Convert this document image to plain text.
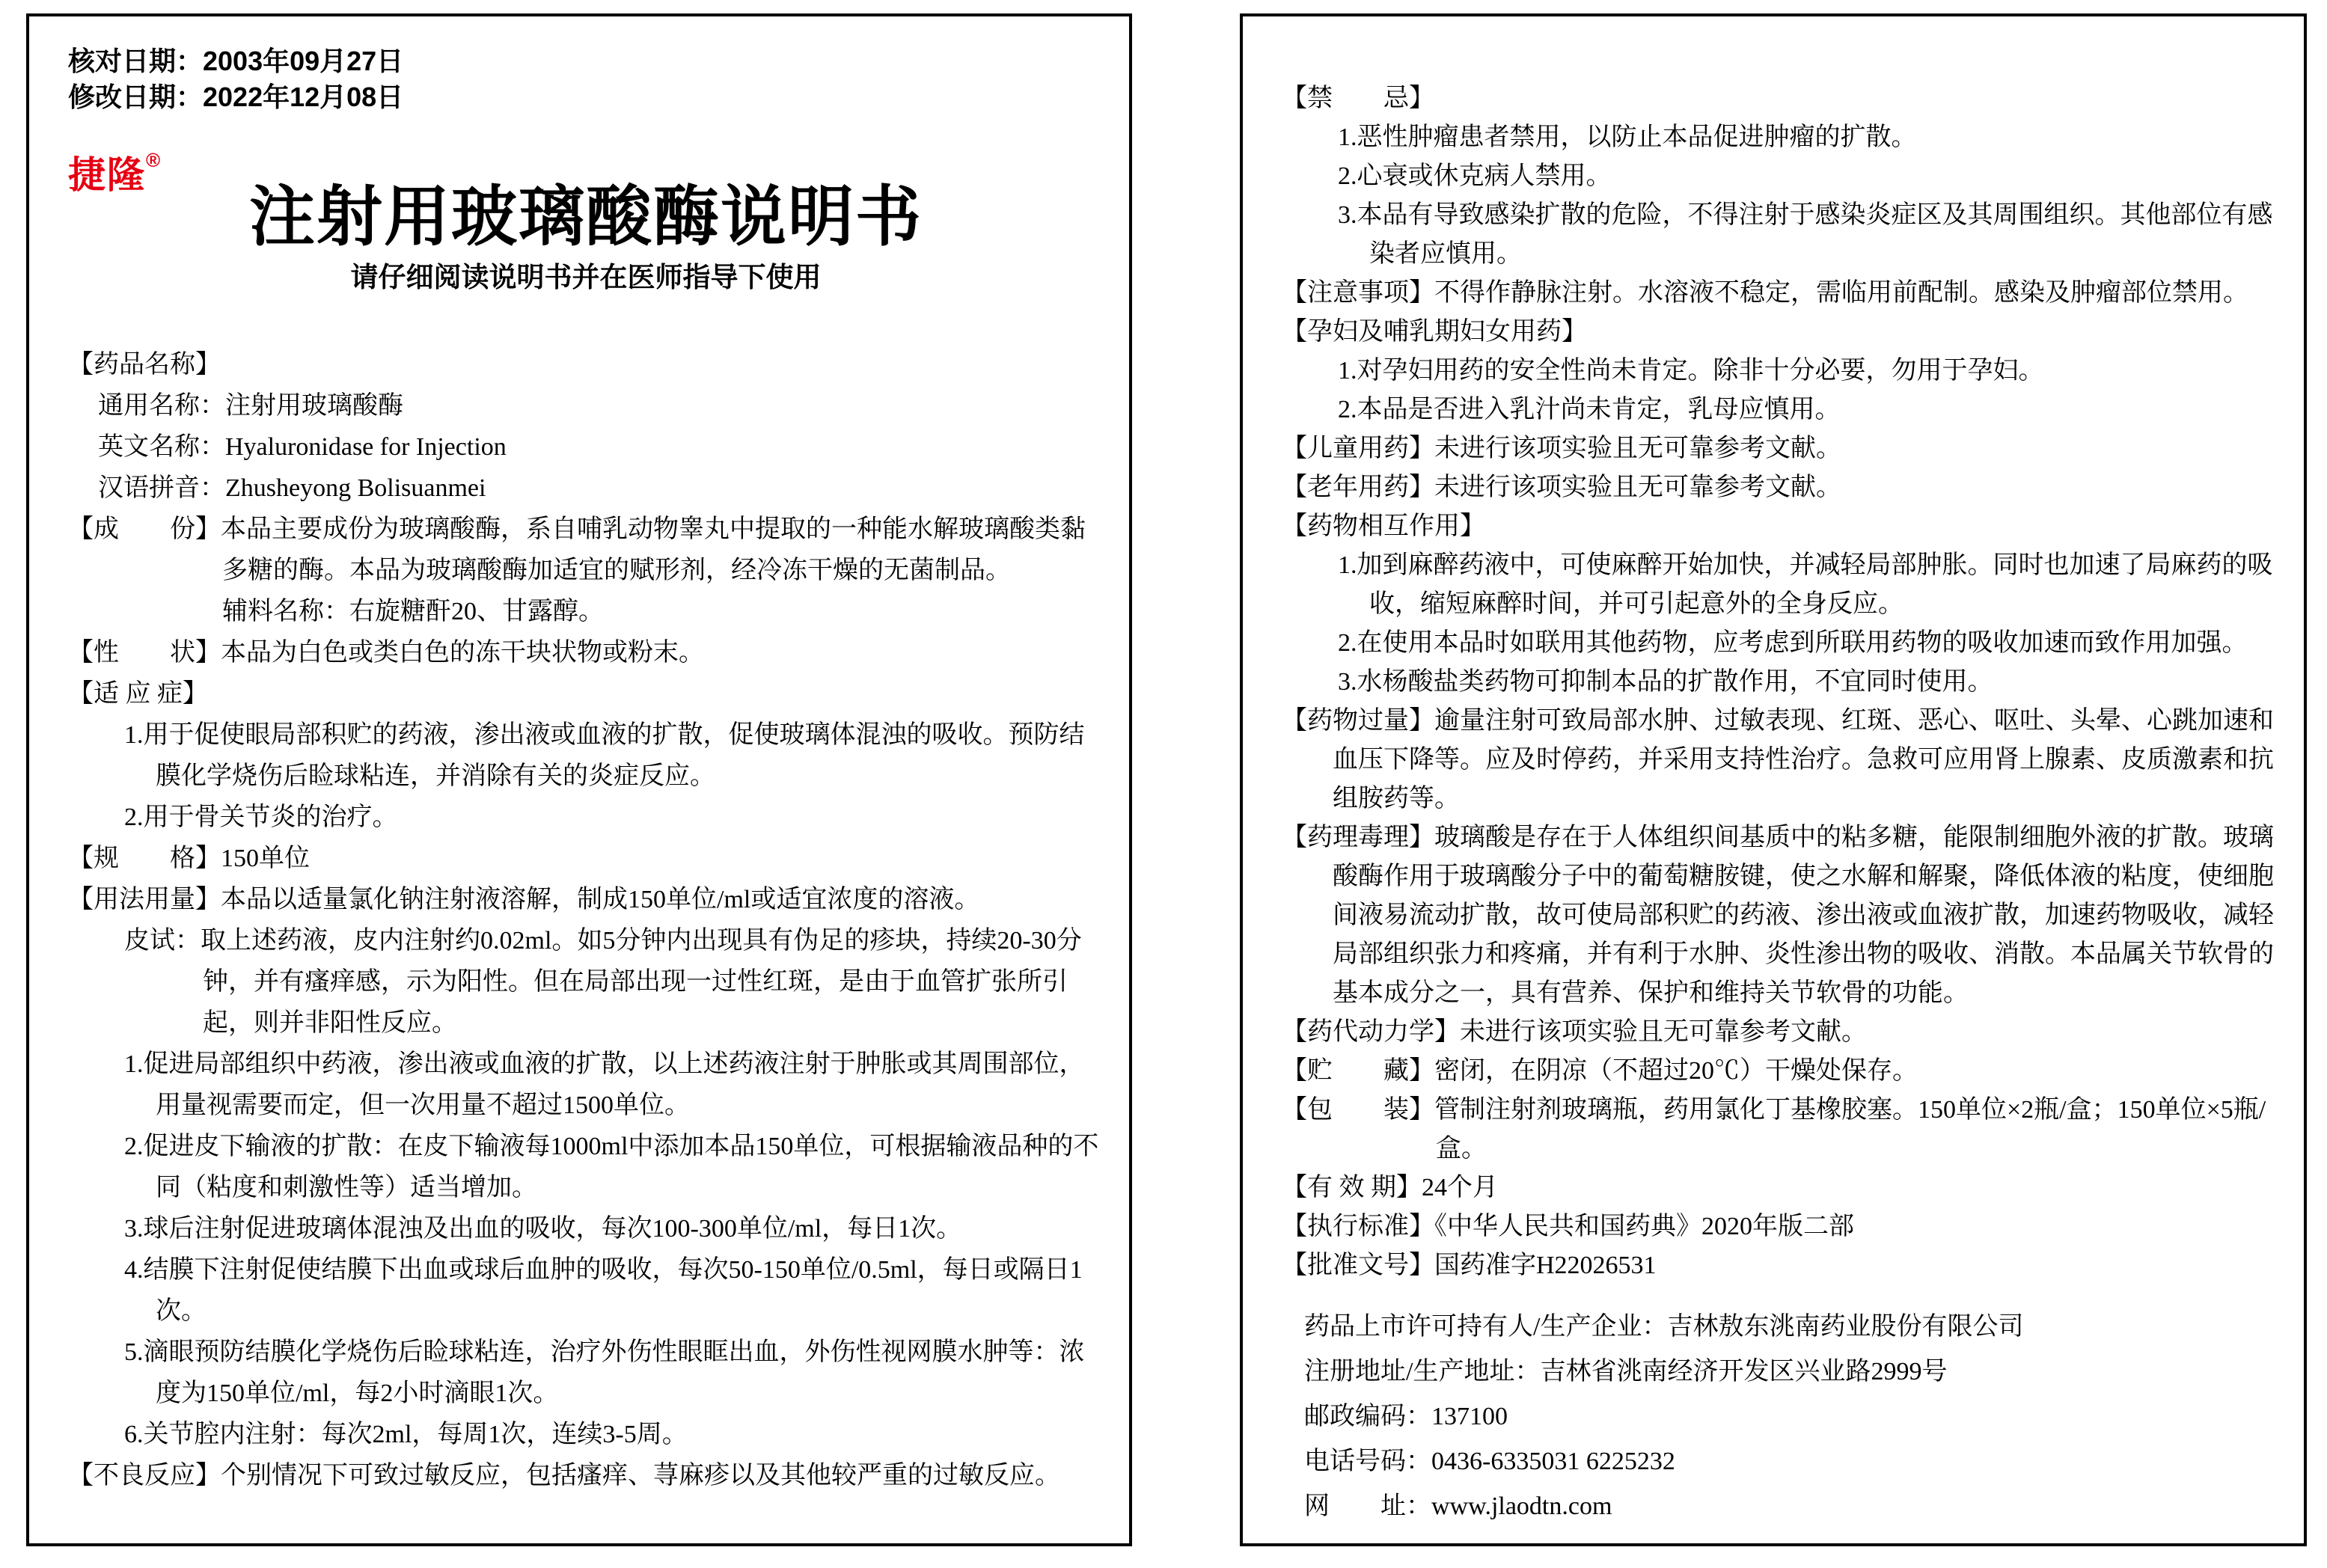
核对日期：2003年09月27日
修改日期：2022年12月08日
捷隆®
注射用玻璃酸酶说明书
请仔细阅读说明书并在医师指导下使用
【药品名称】
通用名称：注射用玻璃酸酶
英文名称：Hyaluronidase for Injection
汉语拼音：Zhusheyong Bolisuanmei
【成　　份】本品主要成份为玻璃酸酶，系自哺乳动物睾丸中提取的一种能水解玻璃酸类黏多糖的酶。本品为玻璃酸酶加适宜的赋形剂，经冷冻干燥的无菌制品。
辅料名称：右旋糖酐20、甘露醇。
【性　　状】本品为白色或类白色的冻干块状物或粉末。
【适 应 症】
1.用于促使眼局部积贮的药液，渗出液或血液的扩散，促使玻璃体混浊的吸收。预防结膜化学烧伤后睑球粘连，并消除有关的炎症反应。
2.用于骨关节炎的治疗。
【规　　格】150单位
【用法用量】本品以适量氯化钠注射液溶解，制成150单位/ml或适宜浓度的溶液。
皮试：取上述药液，皮内注射约0.02ml。如5分钟内出现具有伪足的疹块，持续20-30分钟，并有瘙痒感，示为阳性。但在局部出现一过性红斑，是由于血管扩张所引起，则并非阳性反应。
1.促进局部组织中药液，渗出液或血液的扩散，以上述药液注射于肿胀或其周围部位，用量视需要而定，但一次用量不超过1500单位。
2.促进皮下输液的扩散：在皮下输液每1000ml中添加本品150单位，可根据输液品种的不同（粘度和刺激性等）适当增加。
3.球后注射促进玻璃体混浊及出血的吸收，每次100-300单位/ml，每日1次。
4.结膜下注射促使结膜下出血或球后血肿的吸收，每次50-150单位/0.5ml，每日或隔日1次。
5.滴眼预防结膜化学烧伤后睑球粘连，治疗外伤性眼眶出血，外伤性视网膜水肿等：浓度为150单位/ml，每2小时滴眼1次。
6.关节腔内注射：每次2ml，每周1次，连续3-5周。
【不良反应】个别情况下可致过敏反应，包括瘙痒、荨麻疹以及其他较严重的过敏反应。
【禁　　忌】
1.恶性肿瘤患者禁用，以防止本品促进肿瘤的扩散。
2.心衰或休克病人禁用。
3.本品有导致感染扩散的危险，不得注射于感染炎症区及其周围组织。其他部位有感染者应慎用。
【注意事项】不得作静脉注射。水溶液不稳定，需临用前配制。感染及肿瘤部位禁用。
【孕妇及哺乳期妇女用药】
1.对孕妇用药的安全性尚未肯定。除非十分必要，勿用于孕妇。
2.本品是否进入乳汁尚未肯定，乳母应慎用。
【儿童用药】未进行该项实验且无可靠参考文献。
【老年用药】未进行该项实验且无可靠参考文献。
【药物相互作用】
1.加到麻醉药液中，可使麻醉开始加快，并减轻局部肿胀。同时也加速了局麻药的吸收，缩短麻醉时间，并可引起意外的全身反应。
2.在使用本品时如联用其他药物，应考虑到所联用药物的吸收加速而致作用加强。
3.水杨酸盐类药物可抑制本品的扩散作用，不宜同时使用。
【药物过量】逾量注射可致局部水肿、过敏表现、红斑、恶心、呕吐、头晕、心跳加速和血压下降等。应及时停药，并采用支持性治疗。急救可应用肾上腺素、皮质激素和抗组胺药等。
【药理毒理】玻璃酸是存在于人体组织间基质中的粘多糖，能限制细胞外液的扩散。玻璃酸酶作用于玻璃酸分子中的葡萄糖胺键，使之水解和解聚，降低体液的粘度，使细胞间液易流动扩散，故可使局部积贮的药液、渗出液或血液扩散，加速药物吸收，减轻局部组织张力和疼痛，并有利于水肿、炎性渗出物的吸收、消散。本品属关节软骨的基本成分之一，具有营养、保护和维持关节软骨的功能。
【药代动力学】未进行该项实验且无可靠参考文献。
【贮　　藏】密闭，在阴凉（不超过20℃）干燥处保存。
【包　　装】管制注射剂玻璃瓶，药用氯化丁基橡胶塞。150单位×2瓶/盒；150单位×5瓶/盒。
【有 效 期】24个月
【执行标准】《中华人民共和国药典》2020年版二部
【批准文号】国药准字H22026531
药品上市许可持有人/生产企业：吉林敖东洮南药业股份有限公司
注册地址/生产地址：吉林省洮南经济开发区兴业路2999号
邮政编码：137100
电话号码：0436-6335031 6225232
网　　址：www.jlaodtn.com
